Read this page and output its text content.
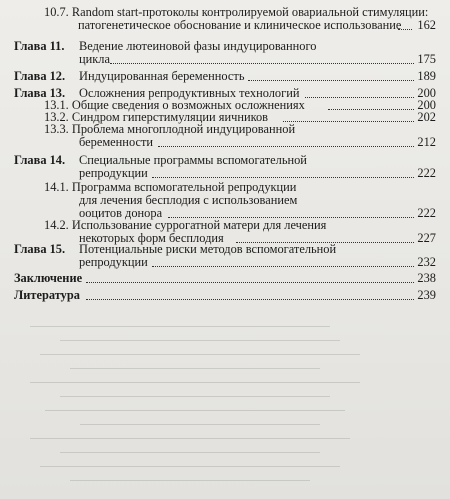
10.7. Random start-протоколы контролируемой овариальной стимуляции:
патогенетическое обоснование и клиническое использование	162
Глава 11. Ведение лютеиновой фазы индуцированного
цикла	175
Глава 12. Индуцированная беременность	189
Глава 13. Осложнения репродуктивных технологий	200
13.1. Общие сведения о возможных осложнениях	200
13.2. Синдром гиперстимуляции яичников	202
13.3. Проблема многоплодной индуцированной
беременности	212
Глава 14. Специальные программы вспомогательной
репродукции	222
14.1. Программа вспомогательной репродукции
для лечения бесплодия с использованием
ооцитов донора	222
14.2. Использование суррогатной матери для лечения
некоторых форм бесплодия	227
Глава 15. Потенциальные риски методов вспомогательной
репродукции	232
Заключение	238
Литература	239
